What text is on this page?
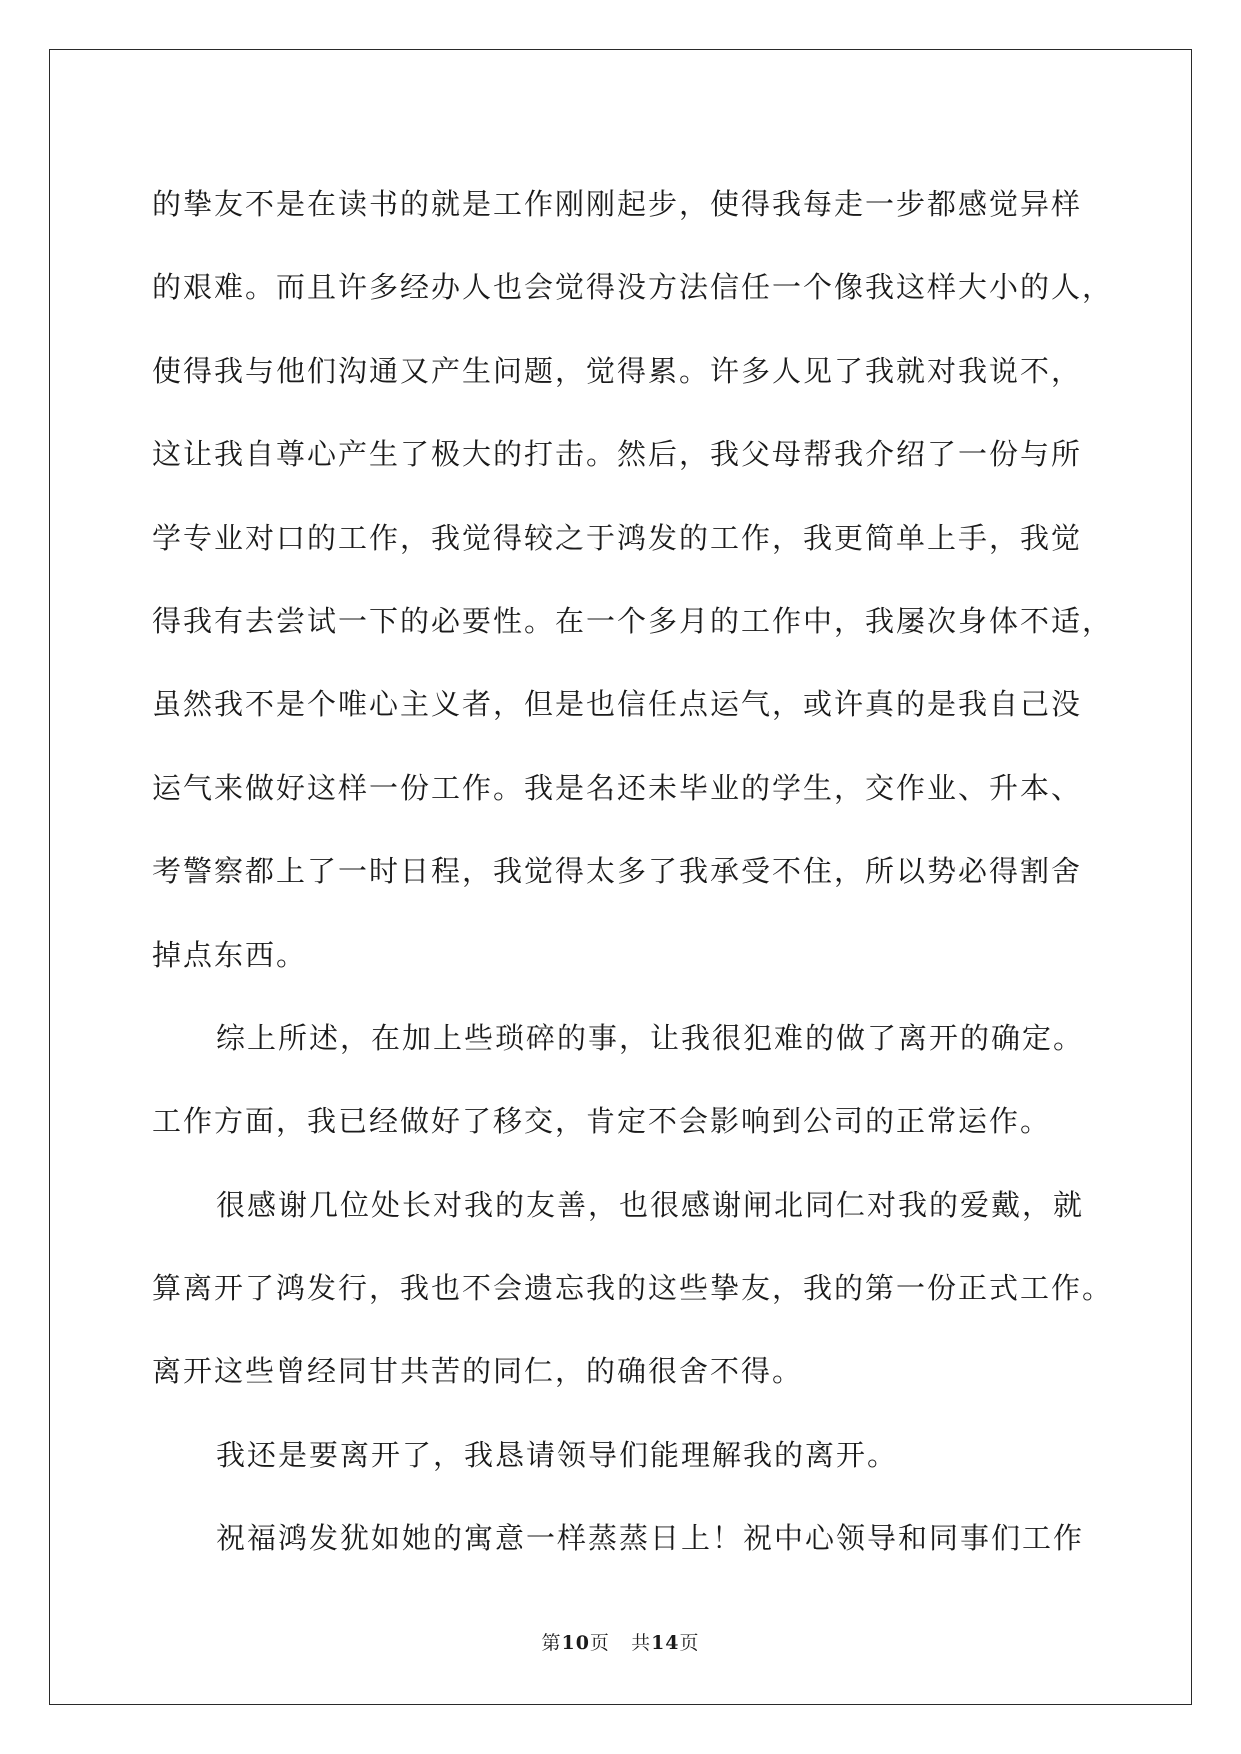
的挚友不是在读书的就是工作刚刚起步，使得我每走一步都感觉异样
的艰难。而且许多经办人也会觉得没方法信任一个像我这样大小的人，
使得我与他们沟通又产生问题，觉得累。许多人见了我就对我说不，
这让我自尊心产生了极大的打击。然后，我父母帮我介绍了一份与所
学专业对口的工作，我觉得较之于鸿发的工作，我更简单上手，我觉
得我有去尝试一下的必要性。在一个多月的工作中，我屡次身体不适，
虽然我不是个唯心主义者，但是也信任点运气，或许真的是我自己没
运气来做好这样一份工作。我是名还未毕业的学生，交作业、升本、
考警察都上了一时日程，我觉得太多了我承受不住，所以势必得割舍
掉点东西。
综上所述，在加上些琐碎的事，让我很犯难的做了离开的确定。
工作方面，我已经做好了移交，肯定不会影响到公司的正常运作。
很感谢几位处长对我的友善，也很感谢闸北同仁对我的爱戴，就
算离开了鸿发行，我也不会遗忘我的这些挚友，我的第一份正式工作。
离开这些曾经同甘共苦的同仁，的确很舍不得。
我还是要离开了，我恳请领导们能理解我的离开。
祝福鸿发犹如她的寓意一样蒸蒸日上！祝中心领导和同事们工作
第10页 共14页
